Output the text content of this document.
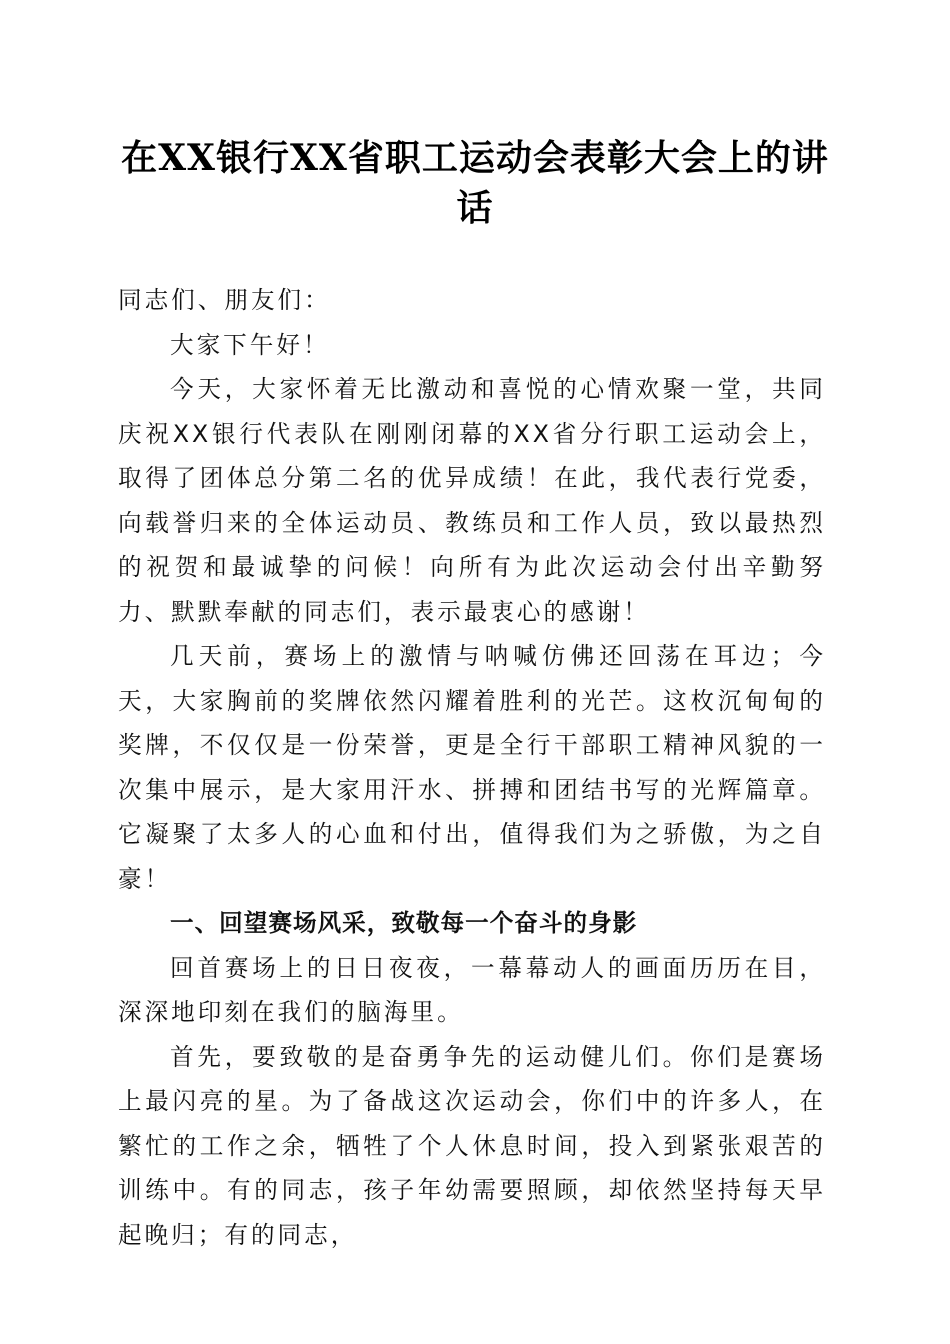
在XX银行XX省职工运动会表彰大会上的讲话

同志们、朋友们：

大家下午好！

今天，大家怀着无比激动和喜悦的心情欢聚一堂，共同庆祝XX银行代表队在刚刚闭幕的XX省分行职工运动会上，取得了团体总分第二名的优异成绩！在此，我代表行党委，向载誉归来的全体运动员、教练员和工作人员，致以最热烈的祝贺和最诚挚的问候！向所有为此次运动会付出辛勤努力、默默奉献的同志们，表示最衷心的感谢！

几天前，赛场上的激情与呐喊仿佛还回荡在耳边；今天，大家胸前的奖牌依然闪耀着胜利的光芒。这枚沉甸甸的奖牌，不仅仅是一份荣誉，更是全行干部职工精神风貌的一次集中展示，是大家用汗水、拼搏和团结书写的光辉篇章。它凝聚了太多人的心血和付出，值得我们为之骄傲，为之自豪！

一、回望赛场风采，致敬每一个奋斗的身影

回首赛场上的日日夜夜，一幕幕动人的画面历历在目，深深地印刻在我们的脑海里。

首先，要致敬的是奋勇争先的运动健儿们。你们是赛场上最闪亮的星。为了备战这次运动会，你们中的许多人，在繁忙的工作之余，牺牲了个人休息时间，投入到紧张艰苦的训练中。有的同志，孩子年幼需要照顾，却依然坚持每天早起晚归；有的同志，
